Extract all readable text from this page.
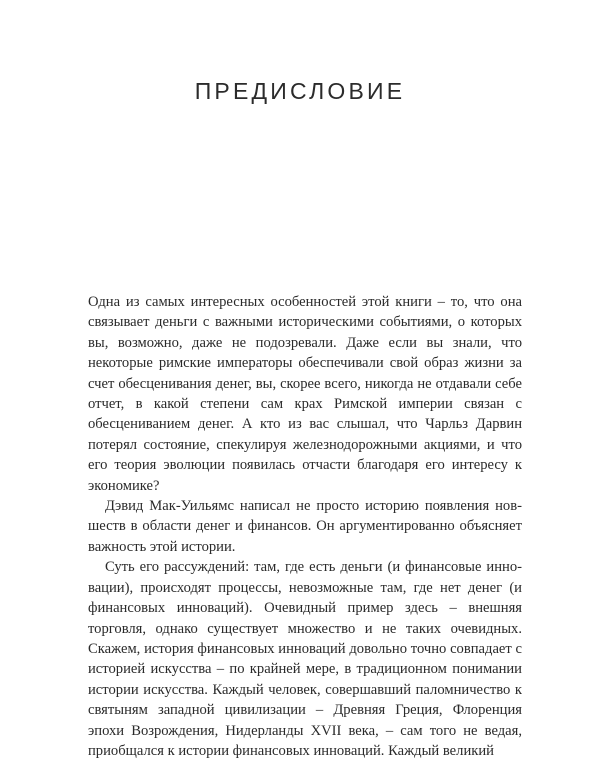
ПРЕДИСЛОВИЕ

Одна из самых интересных особенностей этой книги – то, что она связывает деньги с важными историческими событиями, о которых вы, возможно, даже не подозревали. Даже если вы знали, что некоторые римские императоры обеспечивали свой образ жизни за счет обесценивания денег, вы, скорее всего, никогда не отдавали себе отчет, в какой степени сам крах Римской империи связан с обесцениванием денег. А кто из вас слышал, что Чарльз Дарвин потерял состояние, спекулируя железнодорожными акциями, и что его теория эволюции появилась отчасти благодаря его интересу к экономике?

Дэвид Мак-Уильямс написал не просто историю появления новшеств в области денег и финансов. Он аргументированно объясняет важность этой истории.

Суть его рассуждений: там, где есть деньги (и финансовые инновации), происходят процессы, невозможные там, где нет денег (и финансовых инноваций). Очевидный пример здесь – внешняя торговля, однако существует множество и не таких очевидных. Скажем, история финансовых инноваций довольно точно совпадает с историей искусства – по крайней мере, в традиционном понимании истории искусства. Каждый человек, совершавший паломничество к святыням западной цивилизации – Древняя Греция, Флоренция эпохи Возрождения, Нидерланды XVII века, – сам того не ведая, приобщался к истории финансовых инноваций. Каждый великий
